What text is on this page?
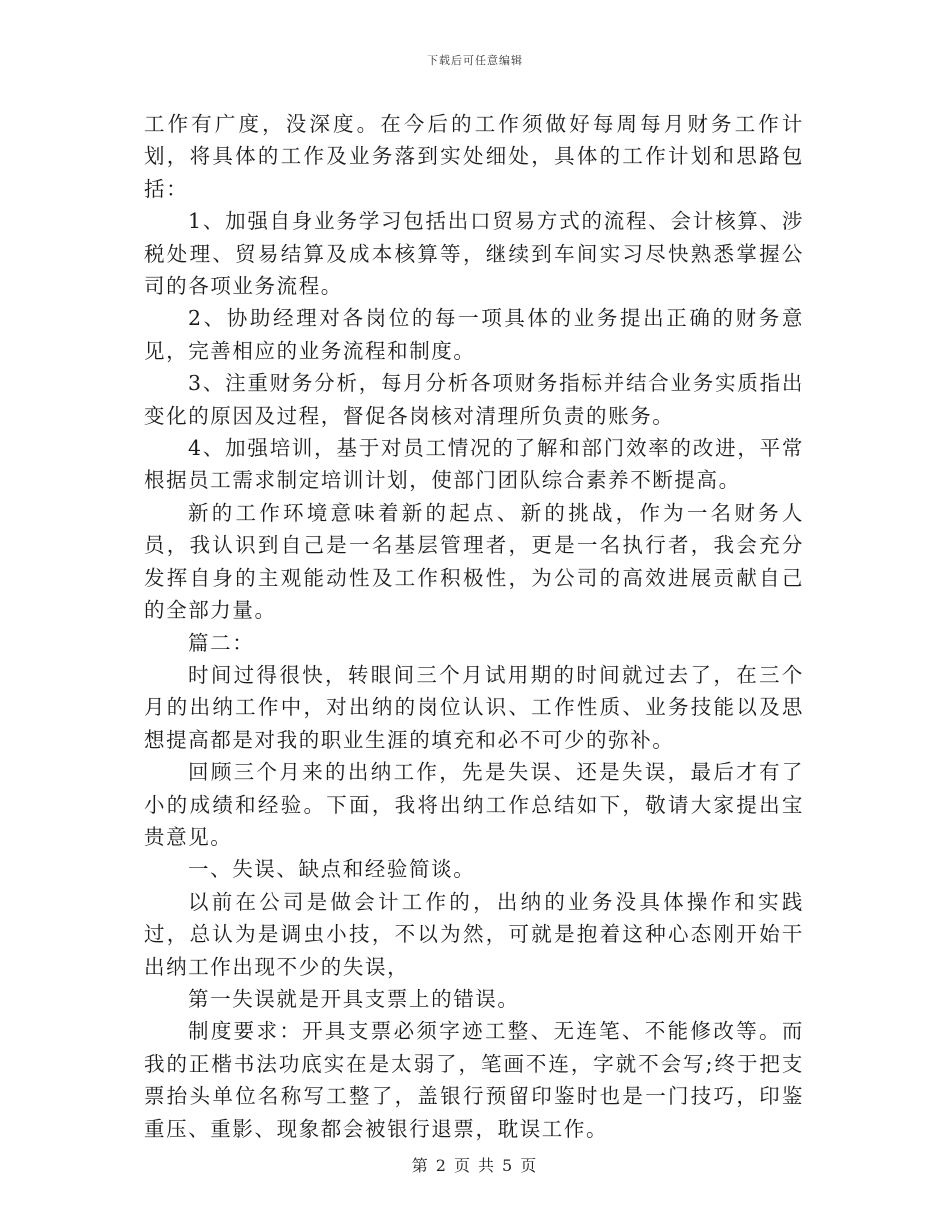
下载后可任意编辑

工作有广度，没深度。在今后的工作须做好每周每月财务工作计划，将具体的工作及业务落到实处细处，具体的工作计划和思路包括：

1、加强自身业务学习包括出口贸易方式的流程、会计核算、涉税处理、贸易结算及成本核算等，继续到车间实习尽快熟悉掌握公司的各项业务流程。

2、协助经理对各岗位的每一项具体的业务提出正确的财务意见，完善相应的业务流程和制度。

3、注重财务分析，每月分析各项财务指标并结合业务实质指出变化的原因及过程，督促各岗核对清理所负责的账务。

4、加强培训，基于对员工情况的了解和部门效率的改进，平常根据员工需求制定培训计划，使部门团队综合素养不断提高。

新的工作环境意味着新的起点、新的挑战，作为一名财务人员，我认识到自己是一名基层管理者，更是一名执行者，我会充分发挥自身的主观能动性及工作积极性，为公司的高效进展贡献自己的全部力量。

篇二：

时间过得很快，转眼间三个月试用期的时间就过去了，在三个月的出纳工作中，对出纳的岗位认识、工作性质、业务技能以及思想提高都是对我的职业生涯的填充和必不可少的弥补。

回顾三个月来的出纳工作，先是失误、还是失误，最后才有了小的成绩和经验。下面，我将出纳工作总结如下，敬请大家提出宝贵意见。

一、失误、缺点和经验简谈。

以前在公司是做会计工作的，出纳的业务没具体操作和实践过，总认为是调虫小技，不以为然，可就是抱着这种心态刚开始干出纳工作出现不少的失误，

第一失误就是开具支票上的错误。

制度要求：开具支票必须字迹工整、无连笔、不能修改等。而我的正楷书法功底实在是太弱了，笔画不连，字就不会写;终于把支票抬头单位名称写工整了，盖银行预留印鉴时也是一门技巧，印鉴重压、重影、现象都会被银行退票，耽误工作。

第 2 页 共 5 页
